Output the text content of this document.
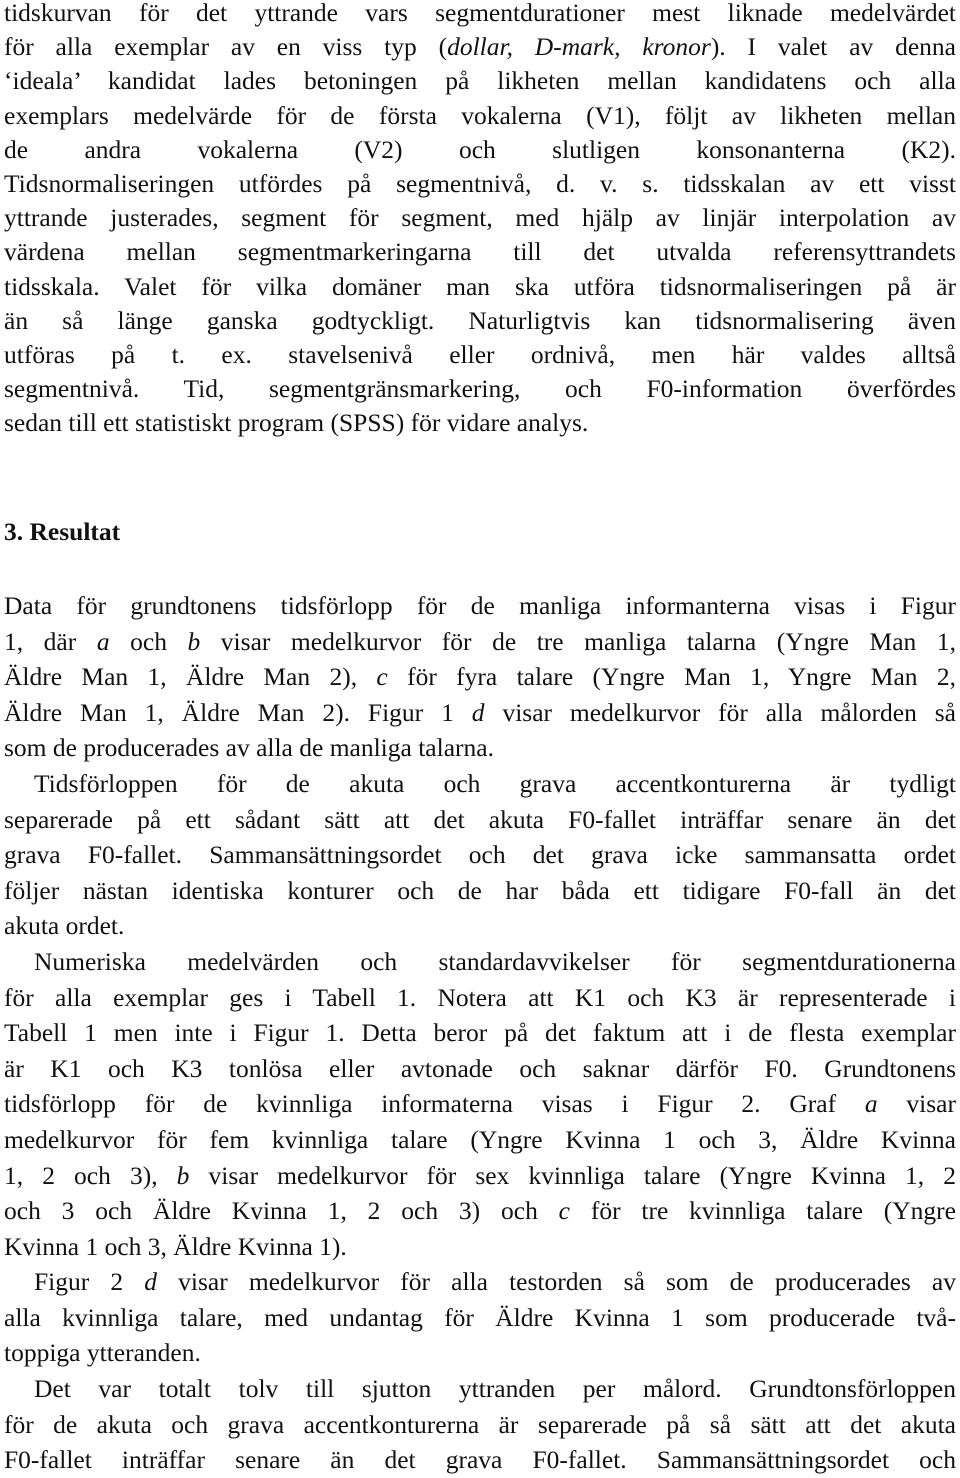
tidskurvan för det yttrande vars segmentdurationer mest liknade medelvärdet
för alla exemplar av en viss typ (dollar, D-mark, kronor). I valet av denna
‘ideala’ kandidat lades betoningen på likheten mellan kandidatens och alla
exemplars medelvärde för de första vokalerna (V1), följt av likheten mellan
de andra vokalerna (V2) och slutligen konsonanterna (K2).
Tidsnormaliseringen utfördes på segmentnivå, d. v. s. tidsskalan av ett visst
yttrande justerades, segment för segment, med hjälp av linjär interpolation av
värdena mellan segmentmarkeringarna till det utvalda referensyttrandets
tidsskala. Valet för vilka domäner man ska utföra tidsnormaliseringen på är
än så länge ganska godtyckligt. Naturligtvis kan tidsnormalisering även
utföras på t. ex. stavelsenivå eller ordnivå, men här valdes alltså
segmentnivå. Tid, segmentgränsmarkering, och F0-information överfördes
sedan till ett statistiskt program (SPSS) för vidare analys.
3. Resultat
Data för grundtonens tidsförlopp för de manliga informanterna visas i Figur
1, där a och b visar medelkurvor för de tre manliga talarna (Yngre Man 1,
Äldre Man 1, Äldre Man 2), c för fyra talare (Yngre Man 1, Yngre Man 2,
Äldre Man 1, Äldre Man 2). Figur 1 d visar medelkurvor för alla målorden så
som de producerades av alla de manliga talarna.
Tidsförloppen för de akuta och grava accentkonturerna är tydligt
separerade på ett sådant sätt att det akuta F0-fallet inträffar senare än det
grava F0-fallet. Sammansättningsordet och det grava icke sammansatta ordet
följer nästan identiska konturer och de har båda ett tidigare F0-fall än det
akuta ordet.
Numeriska medelvärden och standardavvikelser för segmentdurationerna
för alla exemplar ges i Tabell 1. Notera att K1 och K3 är representerade i
Tabell 1 men inte i Figur 1. Detta beror på det faktum att i de flesta exemplar
är K1 och K3 tonlösa eller avtonade och saknar därför F0. Grundtonens
tidsförlopp för de kvinnliga informaterna visas i Figur 2. Graf a visar
medelkurvor för fem kvinnliga talare (Yngre Kvinna 1 och 3, Äldre Kvinna
1, 2 och 3), b visar medelkurvor för sex kvinnliga talare (Yngre Kvinna 1, 2
och 3 och Äldre Kvinna 1, 2 och 3) och c för tre kvinnliga talare (Yngre
Kvinna 1 och 3, Äldre Kvinna 1).
Figur 2 d visar medelkurvor för alla testorden så som de producerades av
alla kvinnliga talare, med undantag för Äldre Kvinna 1 som producerade två-
toppiga ytteranden.
Det var totalt tolv till sjutton yttranden per målord. Grundtonsförloppen
för de akuta och grava accentkonturerna är separerade på så sätt att det akuta
F0-fallet inträffar senare än det grava F0-fallet. Sammansättningsordet och
